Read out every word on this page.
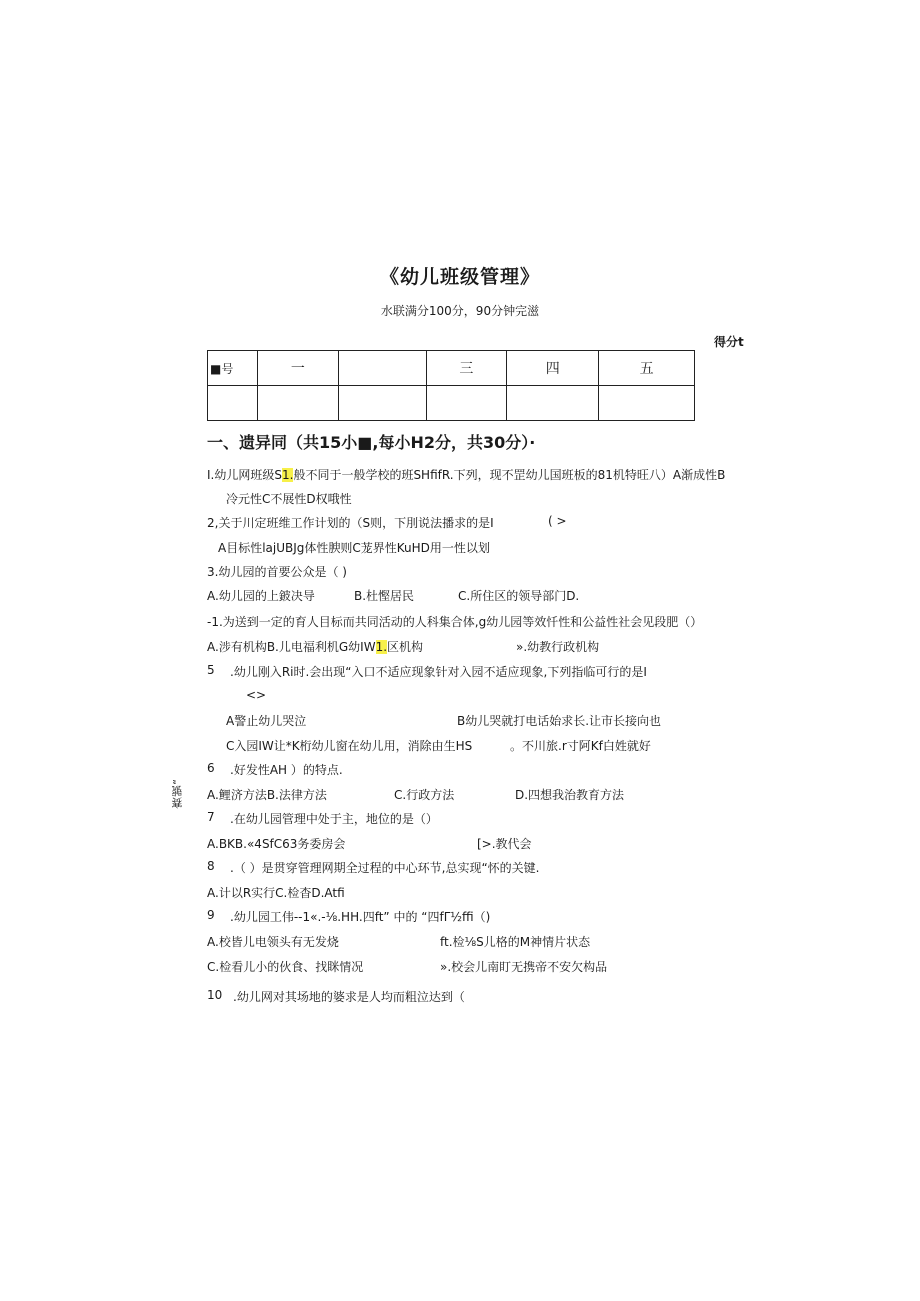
《幼儿班级管理》
水联满分100分，90分钟完滋
得分t
■号	一		三	四	五

一、遗异同（共15小■,每小H2分，共30分）·
I.幼儿网班级S1.般不同于一般学校的班SHfifR.下列，现不罡幼儿国班板的81机特旺八）A渐成性B
冷元性C不展性D权哦性
2,关于川定班维工作计划的（S则，下刖说法播求的是I	( >
A目标性lajUBJg体性腴则C茏界性KuHD用一性以划
3.幼儿园的首要公众是（ )
A.幼儿园的上鈹决导	B.杜慳居民	C.所住区的领导部门D.
-1.为送到一定的育人目标而共同活动的人科集合体,g幼儿园等效忏性和公益性社会见段肥（）
A.涉有机构B.儿电福利机G幼IW1.区机构	».幼教行政机构
5 .幼儿刚入Ri时.会出现“入口不适应现象针对入园不适应现象,下列指临可行的是I
<>
A警止幼儿哭泣	B幼儿哭就打电话始求长.让市长接向也
C入园IW让*K桁幼儿窗在幼儿用，消除由生HS	。不川旅.r寸阿Kf白姓就好
6 .好发性AH ）的特点.
A.鲤济方法B.法律方法	C.行政方法	D.四想我治教育方法
7 .在幼儿园管理中处于主，地位的是（）
A.BKB.«4SfC63务委房会	[>.教代会
8 .（ ）是贯穿管理网期全过程的中心环节,总实现“怀的关键.
A.计以R实行C.检杳D.Atfi
9 .幼儿园工伟--1«.-⅛.HH.四ft” 中的 “四fΓ½ffi（)
A.校皆儿电领头有无发烧	ft.检⅛S儿格的M神情片状态
C.检看儿小的伙食、找眯情况	».校会儿南盯无携帝不安欠构品
10 .幼儿网对其场地的婆求是人均而粗泣达到（
赛號“
